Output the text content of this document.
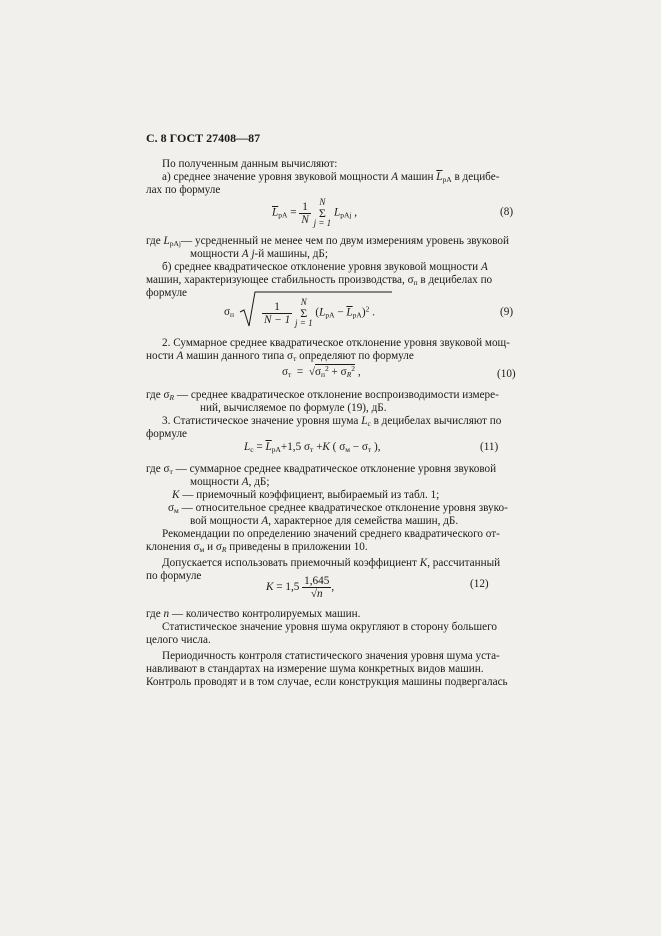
С. 8 ГОСТ 27408—87
По полученным данным вычисляют:
а) среднее значение уровня звуковой мощности А машин $\overline{L}_{pA}$ в децибе-
лах по формуле
$\overline{L}_{pA} = \frac{1}{N}$ N
Σ
j = 1 $L_{pAj}$ ,	(8)
где $L_{pAj}—$ усредненный не менее чем по двум измерениям уровень звуковой
мощности А j-й машины, дБ;
б) среднее квадратическое отклонение уровня звуковой мощности А
машин, характеризующее стабильность производства, $\sigma_п$ в децибелах по
формуле
$\sigma_п \frac{1}{N - 1}$ N
Σ
j = 1 $(L_{pA} - \overline{L}_{pA})^2$ .	(9)
2. Суммарное среднее квадратическое отклонение уровня звуковой мощ-
ности А машин данного типа $\sigma_т$ определяют по формуле
$\sigma_т = √\sigma_п^2 + \sigma_R^2$ ,	(10)
где $\sigma_R$ — среднее квадратическое отклонение воспроизводимости измере-
ний, вычисляемое по формуле (19), дБ.
3. Статистическое значение уровня шума $L_с$ в децибелах вычисляют по
формуле
$L_с = \overline{L}_{pA}+1,5$ $\sigma_т +K$ ( $\sigma_м - \sigma_т$ ),	(11)
где $\sigma_т$ — суммарное среднее квадратическое отклонение уровня звуковой
мощности А, дБ;
K — приемочный коэффициент, выбираемый из табл. 1;
$\sigma_м$ — относительное среднее квадратическое отклонение уровня звуко-
вой мощности А, характерное для семейства машин, дБ.
Рекомендации по определению значений среднего квадратического от-
клонения $\sigma_м$ и $\sigma_R$ приведены в приложении 10.
Допускается использовать приемочный коэффициент K, рассчитанный
по формуле
$K = 1,5 \frac{1,645}{√n}$ ,	(12)
где n — количество контролируемых машин.
Статистическое значение уровня шума округляют в сторону большего
целого числа.
Периодичность контроля статистического значения уровня шума уста-
навливают в стандартах на измерение шума конкретных видов машин.
Контроль проводят и в том случае, если конструкция машины подвергалась
